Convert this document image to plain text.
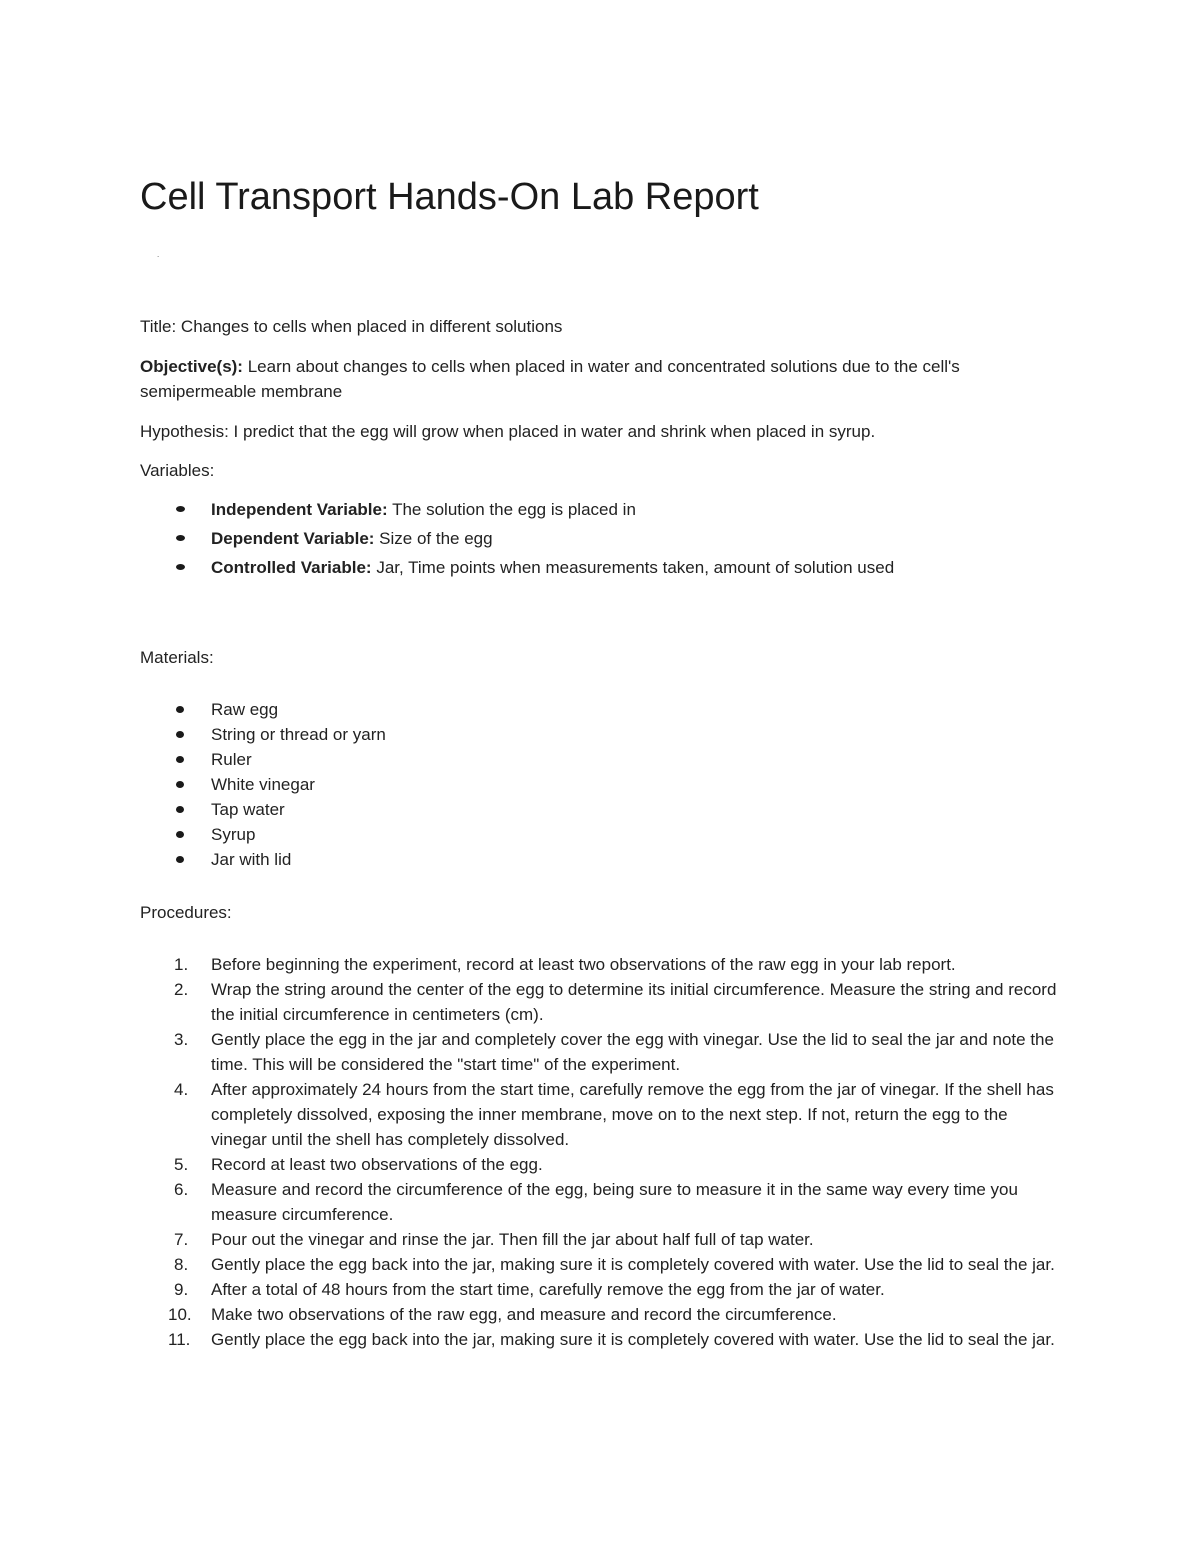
Cell Transport Hands-On Lab Report
.

Title: Changes to cells when placed in different solutions

Objective(s): Learn about changes to cells when placed in water and concentrated solutions due to the cell's semipermeable membrane

Hypothesis: I predict that the egg will grow when placed in water and shrink when placed in syrup.

Variables:

Independent Variable: The solution the egg is placed in
Dependent Variable: Size of the egg
Controlled Variable: Jar, Time points when measurements taken, amount of solution used

Materials:

Raw egg
String or thread or yarn
Ruler
White vinegar
Tap water
Syrup
Jar with lid

Procedures:

1. Before beginning the experiment, record at least two observations of the raw egg in your lab report.
2. Wrap the string around the center of the egg to determine its initial circumference. Measure the string and record the initial circumference in centimeters (cm).
3. Gently place the egg in the jar and completely cover the egg with vinegar. Use the lid to seal the jar and note the time. This will be considered the "start time" of the experiment.
4. After approximately 24 hours from the start time, carefully remove the egg from the jar of vinegar. If the shell has completely dissolved, exposing the inner membrane, move on to the next step. If not, return the egg to the vinegar until the shell has completely dissolved.
5. Record at least two observations of the egg.
6. Measure and record the circumference of the egg, being sure to measure it in the same way every time you measure circumference.
7. Pour out the vinegar and rinse the jar. Then fill the jar about half full of tap water.
8. Gently place the egg back into the jar, making sure it is completely covered with water. Use the lid to seal the jar.
9. After a total of 48 hours from the start time, carefully remove the egg from the jar of water.
10. Make two observations of the raw egg, and measure and record the circumference.
11. Gently place the egg back into the jar, making sure it is completely covered with water. Use the lid to seal the jar.
